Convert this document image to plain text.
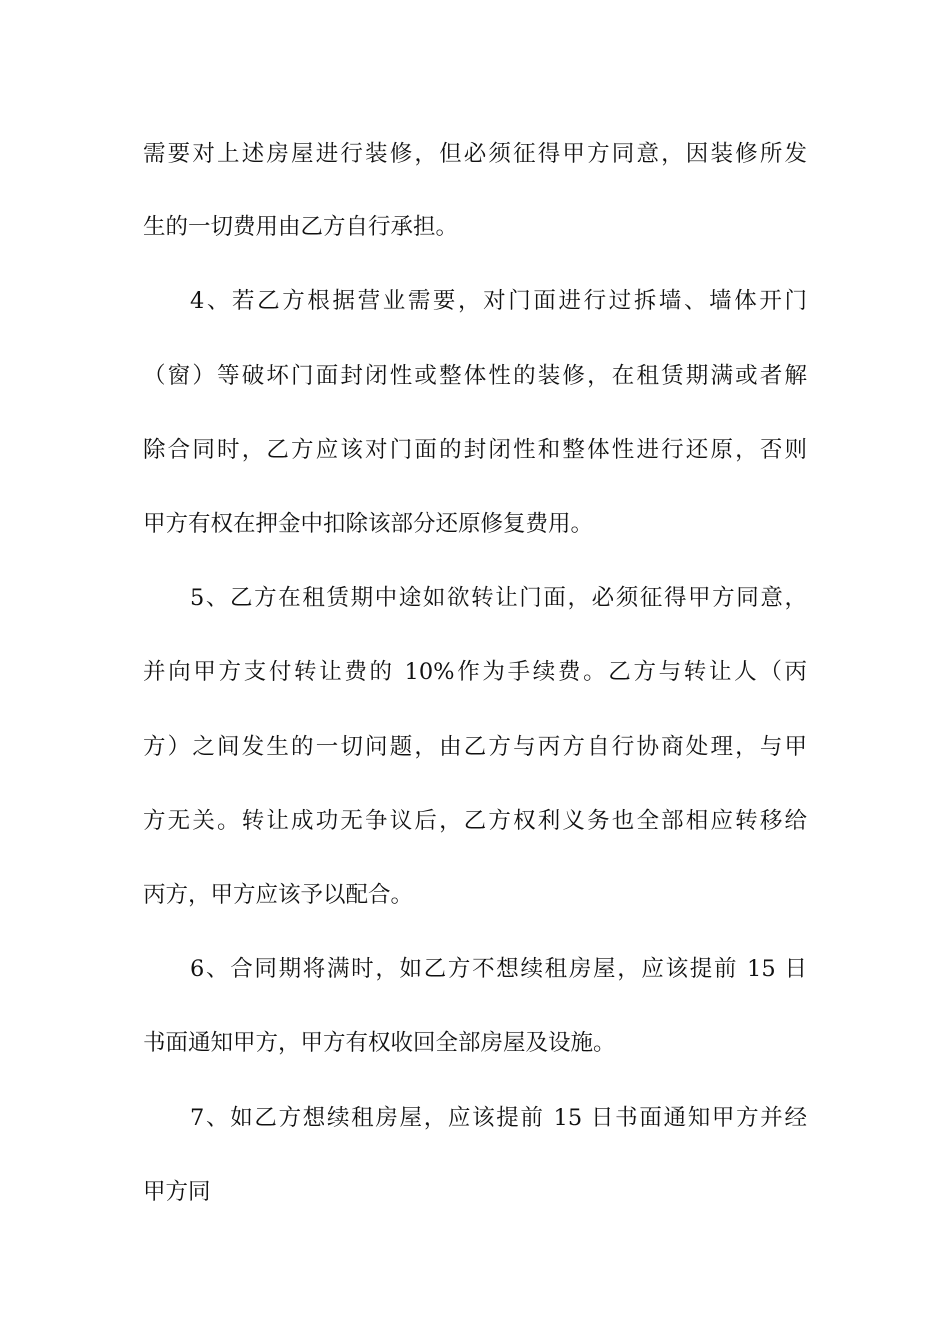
需要对上述房屋进行装修，但必须征得甲方同意，因装修所发
生的一切费用由乙方自行承担。
4、若乙方根据营业需要，对门面进行过拆墙、墙体开门
（窗）等破坏门面封闭性或整体性的装修，在租赁期满或者解
除合同时，乙方应该对门面的封闭性和整体性进行还原，否则
甲方有权在押金中扣除该部分还原修复费用。
5、乙方在租赁期中途如欲转让门面，必须征得甲方同意，
并向甲方支付转让费的 10%作为手续费。乙方与转让人（丙
方）之间发生的一切问题，由乙方与丙方自行协商处理，与甲
方无关。转让成功无争议后，乙方权利义务也全部相应转移给
丙方，甲方应该予以配合。
6、合同期将满时，如乙方不想续租房屋，应该提前 15 日
书面通知甲方，甲方有权收回全部房屋及设施。
7、如乙方想续租房屋，应该提前 15 日书面通知甲方并经
甲方同
